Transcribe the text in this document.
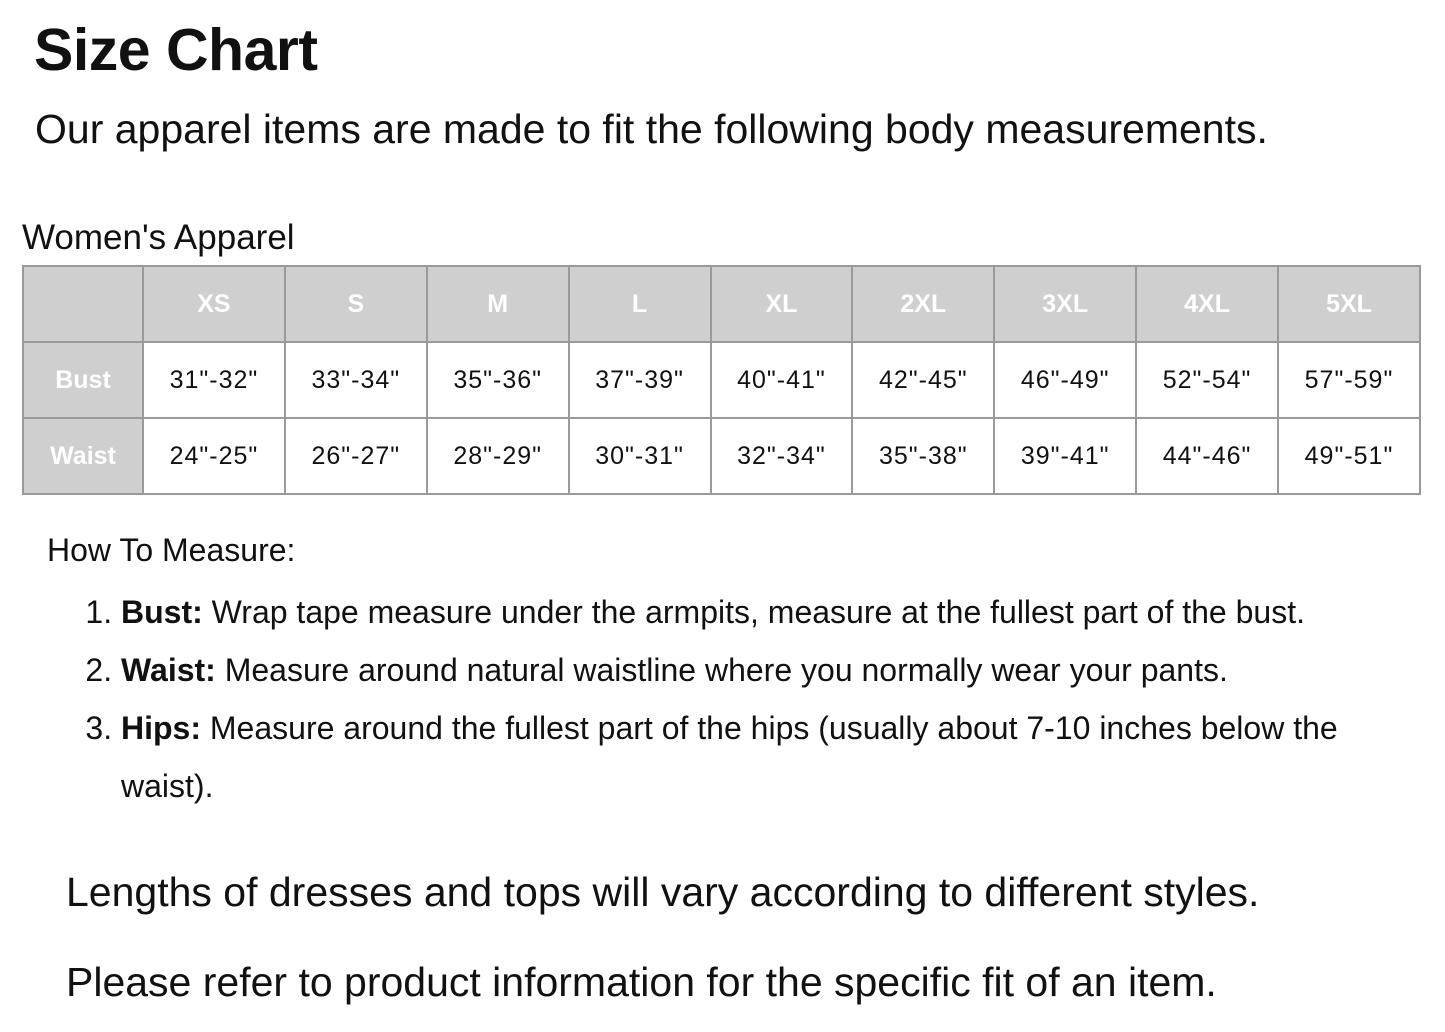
Size Chart

Our apparel items are made to fit the following body measurements.

Women's Apparel

	XS	S	M	L	XL	2XL	3XL	4XL	5XL
Bust	31"-32"	33"-34"	35"-36"	37"-39"	40"-41"	42"-45"	46"-49"	52"-54"	57"-59"
Waist	24"-25"	26"-27"	28"-29"	30"-31"	32"-34"	35"-38"	39"-41"	44"-46"	49"-51"

How To Measure:

1. Bust: Wrap tape measure under the armpits, measure at the fullest part of the bust.
2. Waist: Measure around natural waistline where you normally wear your pants.
3. Hips: Measure around the fullest part of the hips (usually about 7-10 inches below the waist).

Lengths of dresses and tops will vary according to different styles.

Please refer to product information for the specific fit of an item.
